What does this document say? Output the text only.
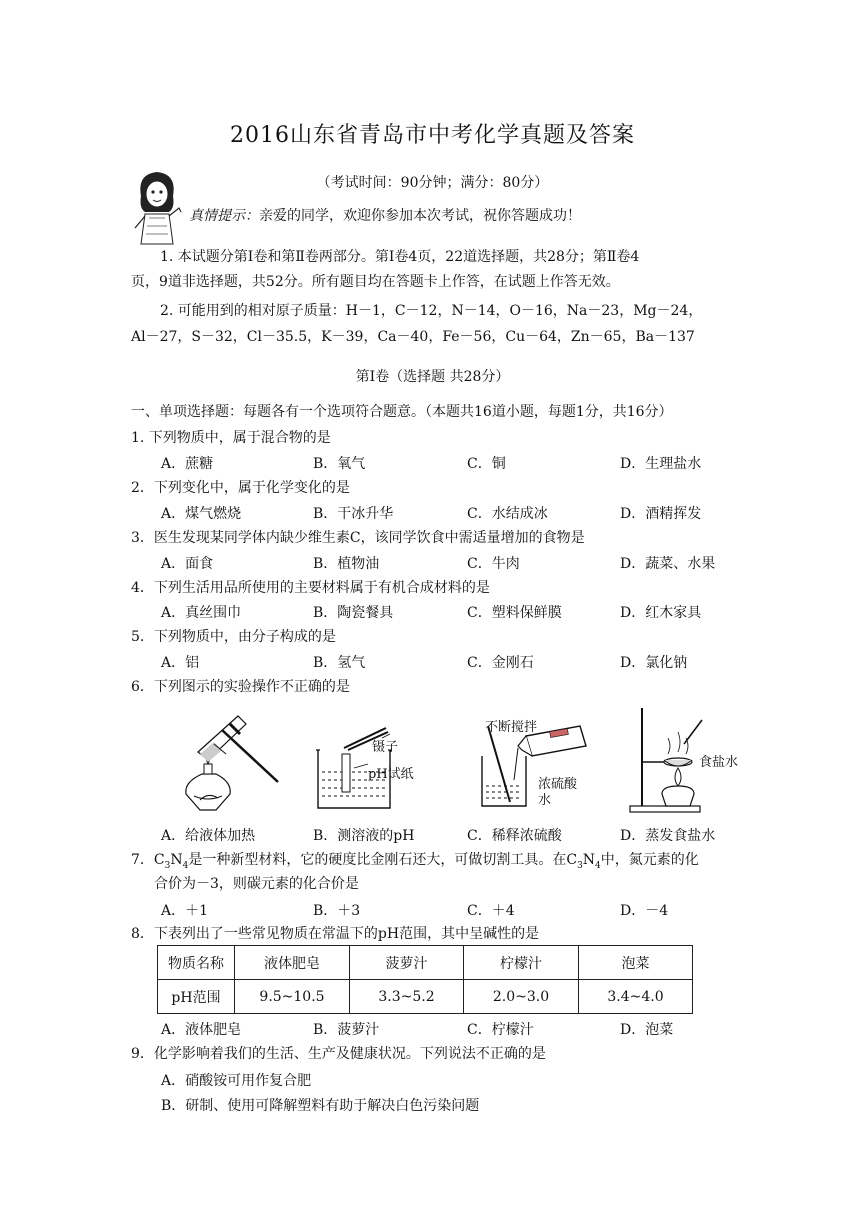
2016山东省青岛市中考化学真题及答案
（考试时间：90分钟；满分：80分）
真情提示：亲爱的同学，欢迎你参加本次考试，祝你答题成功！
1. 本试题分第Ⅰ卷和第Ⅱ卷两部分。第Ⅰ卷4页，22道选择题，共28分；第Ⅱ卷4
页，9道非选择题，共52分。所有题目均在答题卡上作答，在试题上作答无效。
2. 可能用到的相对原子质量：H－1，C－12，N－14，O－16，Na－23，Mg－24，
Al－27，S－32，Cl－35.5，K－39，Ca－40，Fe－56，Cu－64，Zn－65，Ba－137
第Ⅰ卷（选择题 共28分）
一、单项选择题：每题各有一个选项符合题意。（本题共16道小题，每题1分，共16分）
1. 下列物质中，属于混合物的是
A．蔗糖	B．氧气	C．铜	D．生理盐水
2．下列变化中，属于化学变化的是
A．煤气燃烧	B．干冰升华	C．水结成冰	D．酒精挥发
3．医生发现某同学体内缺少维生素C，该同学饮食中需适量增加的食物是
A．面食	B．植物油	C．牛肉	D．蔬菜、水果
4．下列生活用品所使用的主要材料属于有机合成材料的是
A．真丝围巾	B．陶瓷餐具	C．塑料保鲜膜	D．红木家具
5．下列物质中，由分子构成的是
A．铝	B．氢气	C．金刚石	D．氯化钠
6．下列图示的实验操作不正确的是
镊子
pH试纸
不断搅拌
浓硫酸
水
食盐水
A．给液体加热	B．测溶液的pH	C．稀释浓硫酸	D．蒸发食盐水
7．$C_3N_4$是一种新型材料，它的硬度比金刚石还大，可做切割工具。在$C_3N_4$中，氮元素的化
合价为－3，则碳元素的化合价是
A．＋1	B．＋3	C．＋4	D．－4
8．下表列出了一些常见物质在常温下的pH范围，其中呈碱性的是
物质名称	液体肥皂	菠萝汁	柠檬汁	泡菜
pH范围	9.5~10.5	3.3~5.2	2.0~3.0	3.4~4.0
A．液体肥皂	B．菠萝汁	C．柠檬汁	D．泡菜
9．化学影响着我们的生活、生产及健康状况。下列说法不正确的是
A．硝酸铵可用作复合肥
B．研制、使用可降解塑料有助于解决白色污染问题
